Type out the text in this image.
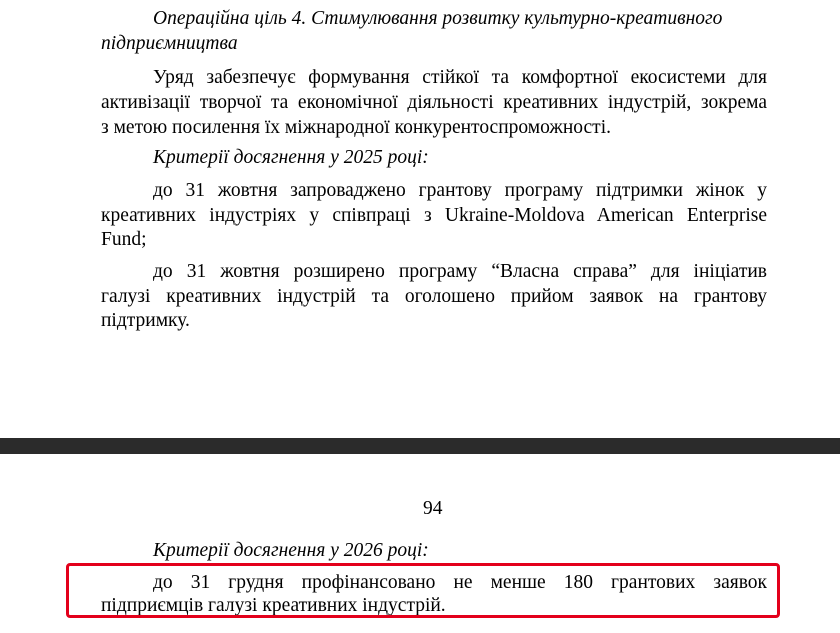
Операційна ціль 4. Стимулювання розвитку культурно-креативного
підприємництва
Уряд забезпечує формування стійкої та комфортної екосистеми для
активізації творчої та економічної діяльності креативних індустрій, зокрема
з метою посилення їх міжнародної конкурентоспроможності.
Критерії досягнення у 2025 році:
до 31 жовтня запроваджено грантову програму підтримки жінок у
креативних індустріях у співпраці з Ukraine-Moldova American Enterprise
Fund;
до 31 жовтня розширено програму “Власна справа” для ініціатив
галузі креативних індустрій та оголошено прийом заявок на грантову
підтримку.
94
Критерії досягнення у 2026 році:
до 31 грудня профінансовано не менше 180 грантових заявок
підприємців галузі креативних індустрій.
